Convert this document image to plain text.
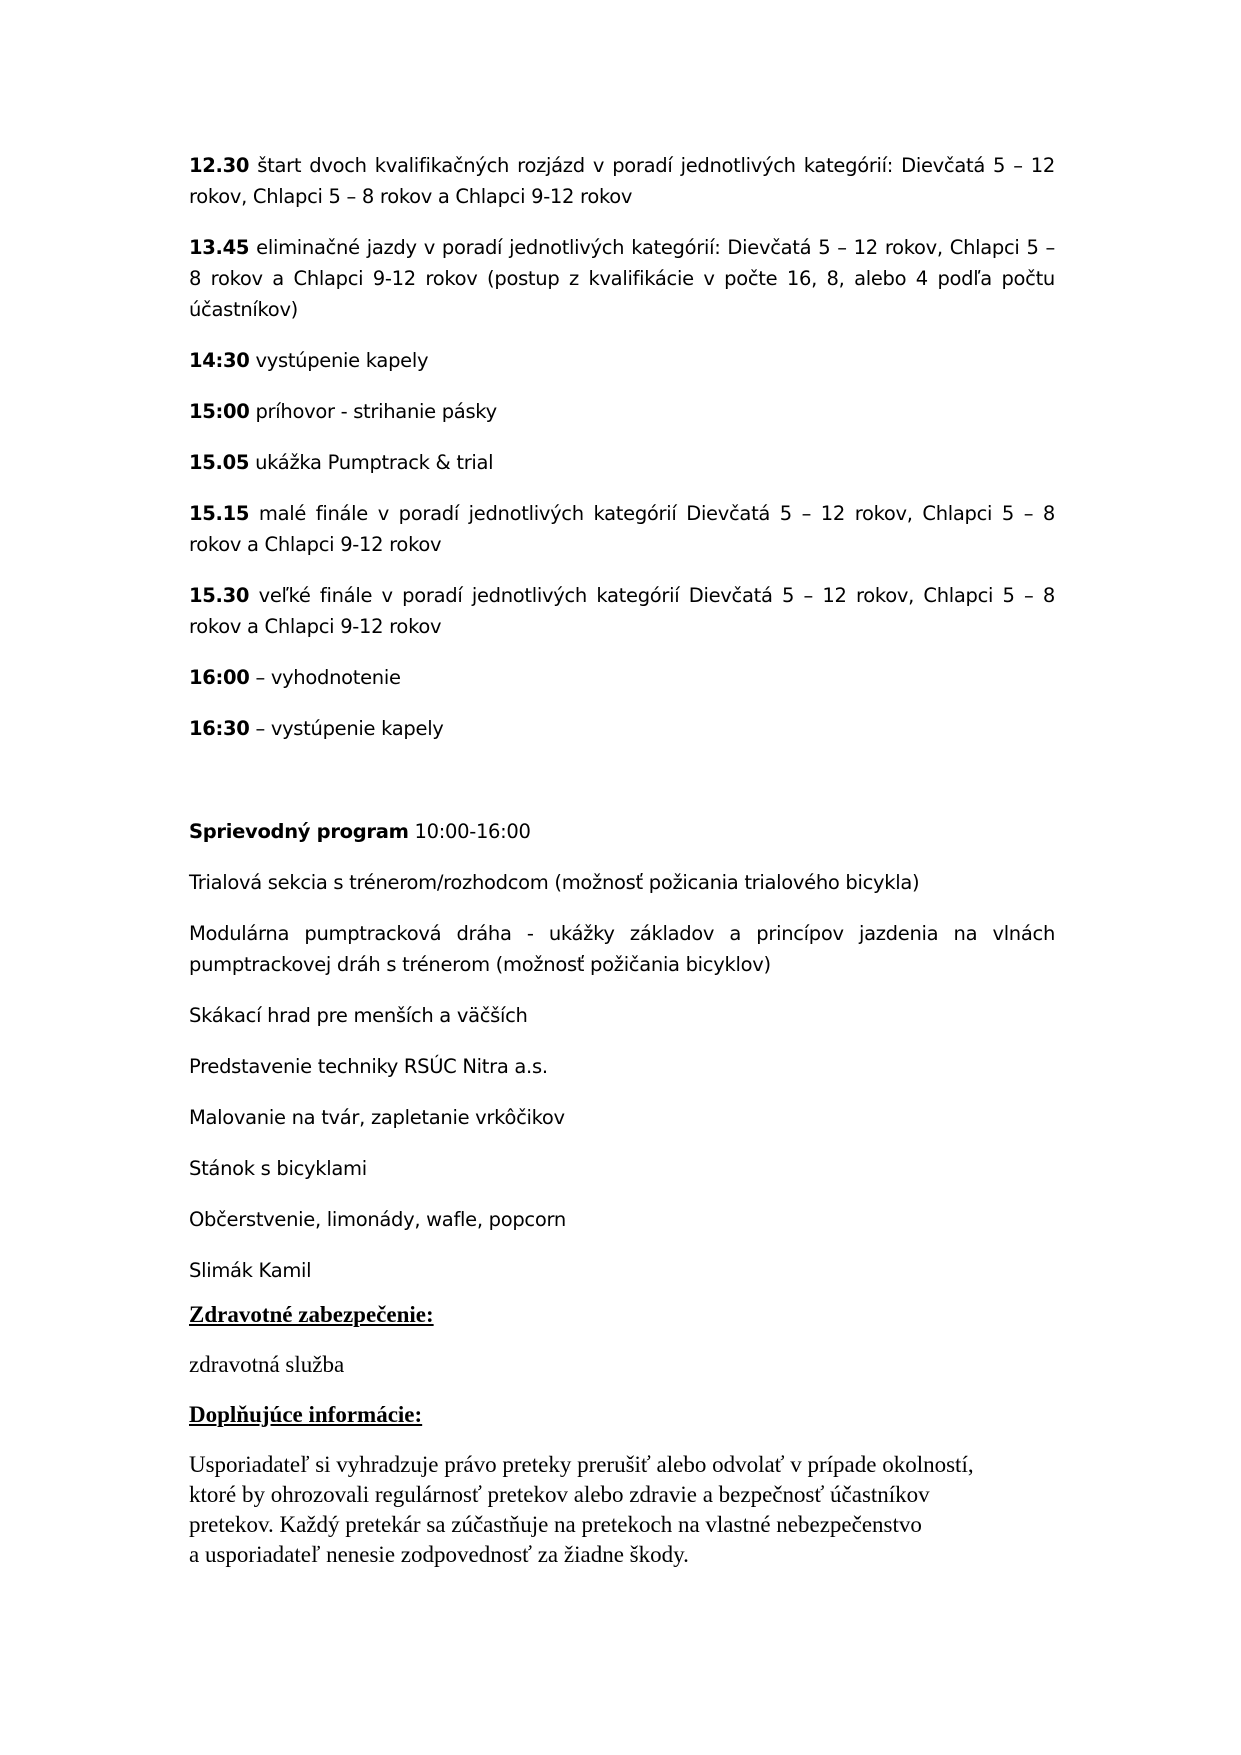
12.30 štart dvoch kvalifikačných rozjázd v poradí jednotlivých kategórií: Dievčatá 5 – 12 rokov, Chlapci 5 – 8 rokov a Chlapci 9-12 rokov

13.45 eliminačné jazdy v poradí jednotlivých kategórií: Dievčatá 5 – 12 rokov, Chlapci 5 – 8 rokov a Chlapci 9-12 rokov (postup z kvalifikácie v počte 16, 8, alebo 4 podľa počtu účastníkov)

14:30 vystúpenie kapely

15:00 príhovor - strihanie pásky

15.05 ukážka Pumptrack & trial

15.15 malé finále v poradí jednotlivých kategórií Dievčatá 5 – 12 rokov, Chlapci 5 – 8 rokov a Chlapci 9-12 rokov

15.30 veľké finále v poradí jednotlivých kategórií Dievčatá 5 – 12 rokov, Chlapci 5 – 8 rokov a Chlapci 9-12 rokov

16:00 – vyhodnotenie

16:30 – vystúpenie kapely

Sprievodný program 10:00-16:00

Trialová sekcia s trénerom/rozhodcom (možnosť požicania trialového bicykla)

Modulárna pumptracková dráha - ukážky základov a princípov jazdenia na vlnách pumptrackovej dráh s trénerom (možnosť požičania bicyklov)

Skákací hrad pre menších a väčších

Predstavenie techniky RSÚC Nitra a.s.

Malovanie na tvár, zapletanie vrkôčikov

Stánok s bicyklami

Občerstvenie, limonády, wafle, popcorn

Slimák Kamil

Zdravotné zabezpečenie:

zdravotná služba

Doplňujúce informácie:

Usporiadateľ si vyhradzuje právo preteky prerušiť alebo odvolať v prípade okolností,
ktoré by ohrozovali regulárnosť pretekov alebo zdravie a bezpečnosť účastníkov
pretekov. Každý pretekár sa zúčastňuje na pretekoch na vlastné nebezpečenstvo
a usporiadateľ nenesie zodpovednosť za žiadne škody.
